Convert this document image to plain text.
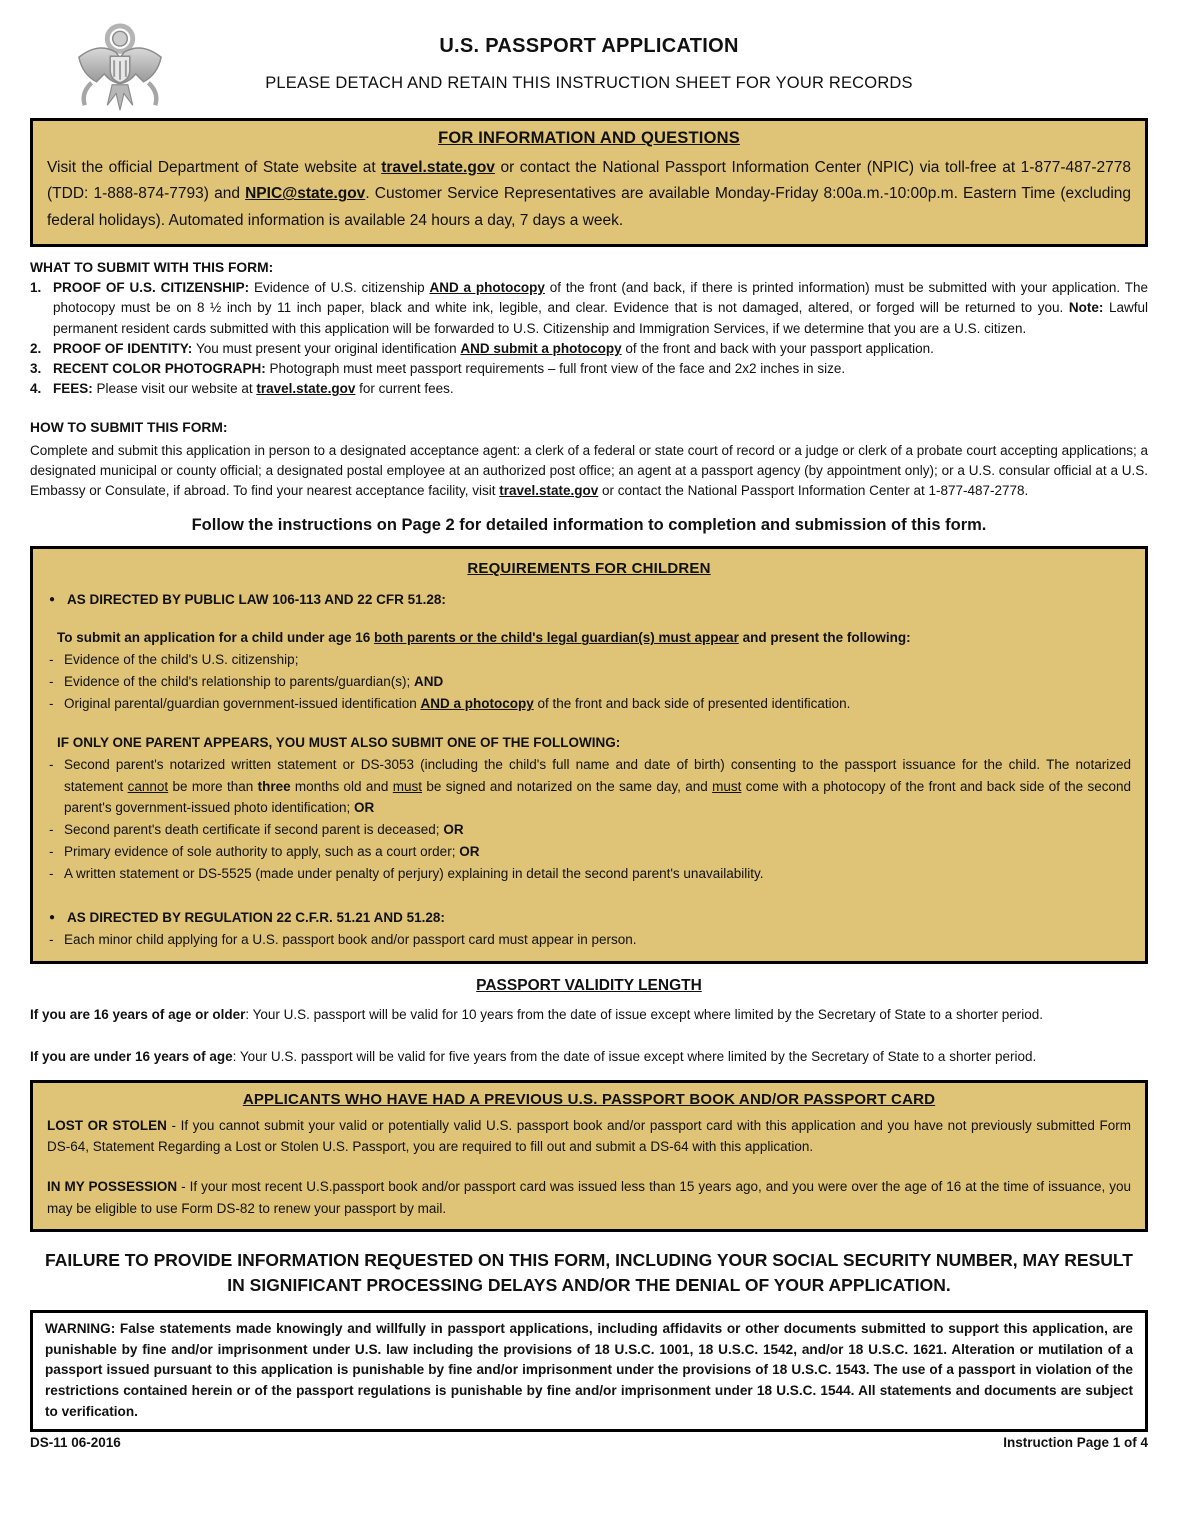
U.S. PASSPORT APPLICATION
PLEASE DETACH AND RETAIN THIS INSTRUCTION SHEET FOR YOUR RECORDS
FOR INFORMATION AND QUESTIONS

Visit the official Department of State website at travel.state.gov or contact the National Passport Information Center (NPIC) via toll-free at 1-877-487-2778 (TDD: 1-888-874-7793) and NPIC@state.gov. Customer Service Representatives are available Monday-Friday 8:00a.m.-10:00p.m. Eastern Time (excluding federal holidays). Automated information is available 24 hours a day, 7 days a week.

WHAT TO SUBMIT WITH THIS FORM:
1. PROOF OF U.S. CITIZENSHIP: Evidence of U.S. citizenship AND a photocopy of the front (and back, if there is printed information) must be submitted with your application. The photocopy must be on 8 ½ inch by 11 inch paper, black and white ink, legible, and clear. Evidence that is not damaged, altered, or forged will be returned to you. Note: Lawful permanent resident cards submitted with this application will be forwarded to U.S. Citizenship and Immigration Services, if we determine that you are a U.S. citizen.
2. PROOF OF IDENTITY: You must present your original identification AND submit a photocopy of the front and back with your passport application.
3. RECENT COLOR PHOTOGRAPH: Photograph must meet passport requirements – full front view of the face and 2x2 inches in size.
4. FEES: Please visit our website at travel.state.gov for current fees.
HOW TO SUBMIT THIS FORM:

Complete and submit this application in person to a designated acceptance agent: a clerk of a federal or state court of record or a judge or clerk of a probate court accepting applications; a designated municipal or county official; a designated postal employee at an authorized post office; an agent at a passport agency (by appointment only); or a U.S. consular official at a U.S. Embassy or Consulate, if abroad. To find your nearest acceptance facility, visit travel.state.gov or contact the National Passport Information Center at 1-877-487-2778.

Follow the instructions on Page 2 for detailed information to completion and submission of this form.

REQUIREMENTS FOR CHILDREN
● AS DIRECTED BY PUBLIC LAW 106-113 AND 22 CFR 51.28:

To submit an application for a child under age 16 both parents or the child's legal guardian(s) must appear and present the following:

- Evidence of the child's U.S. citizenship;
- Evidence of the child's relationship to parents/guardian(s); AND
- Original parental/guardian government-issued identification AND a photocopy of the front and back side of presented identification.

IF ONLY ONE PARENT APPEARS, YOU MUST ALSO SUBMIT ONE OF THE FOLLOWING:

- Second parent's notarized written statement or DS-3053 (including the child's full name and date of birth) consenting to the passport issuance for the child. The notarized statement cannot be more than three months old and must be signed and notarized on the same day, and must come with a photocopy of the front and back side of the second parent's government-issued photo identification; OR
- Second parent's death certificate if second parent is deceased; OR
- Primary evidence of sole authority to apply, such as a court order; OR
- A written statement or DS-5525 (made under penalty of perjury) explaining in detail the second parent's unavailability.
● AS DIRECTED BY REGULATION 22 C.F.R. 51.21 AND 51.28:
- Each minor child applying for a U.S. passport book and/or passport card must appear in person.
PASSPORT VALIDITY LENGTH

If you are 16 years of age or older: Your U.S. passport will be valid for 10 years from the date of issue except where limited by the Secretary of State to a shorter period.

If you are under 16 years of age: Your U.S. passport will be valid for five years from the date of issue except where limited by the Secretary of State to a shorter period.

APPLICANTS WHO HAVE HAD A PREVIOUS U.S. PASSPORT BOOK AND/OR PASSPORT CARD

LOST OR STOLEN - If you cannot submit your valid or potentially valid U.S. passport book and/or passport card with this application and you have not previously submitted Form DS-64, Statement Regarding a Lost or Stolen U.S. Passport, you are required to fill out and submit a DS-64 with this application.

IN MY POSSESSION - If your most recent U.S.passport book and/or passport card was issued less than 15 years ago, and you were over the age of 16 at the time of issuance, you may be eligible to use Form DS-82 to renew your passport by mail.

FAILURE TO PROVIDE INFORMATION REQUESTED ON THIS FORM, INCLUDING YOUR SOCIAL SECURITY NUMBER, MAY RESULT IN SIGNIFICANT PROCESSING DELAYS AND/OR THE DENIAL OF YOUR APPLICATION.

WARNING: False statements made knowingly and willfully in passport applications, including affidavits or other documents submitted to support this application, are punishable by fine and/or imprisonment under U.S. law including the provisions of 18 U.S.C. 1001, 18 U.S.C. 1542, and/or 18 U.S.C. 1621. Alteration or mutilation of a passport issued pursuant to this application is punishable by fine and/or imprisonment under the provisions of 18 U.S.C. 1543. The use of a passport in violation of the restrictions contained herein or of the passport regulations is punishable by fine and/or imprisonment under 18 U.S.C. 1544. All statements and documents are subject to verification.

DS-11 06-2016	Instruction Page 1 of 4
